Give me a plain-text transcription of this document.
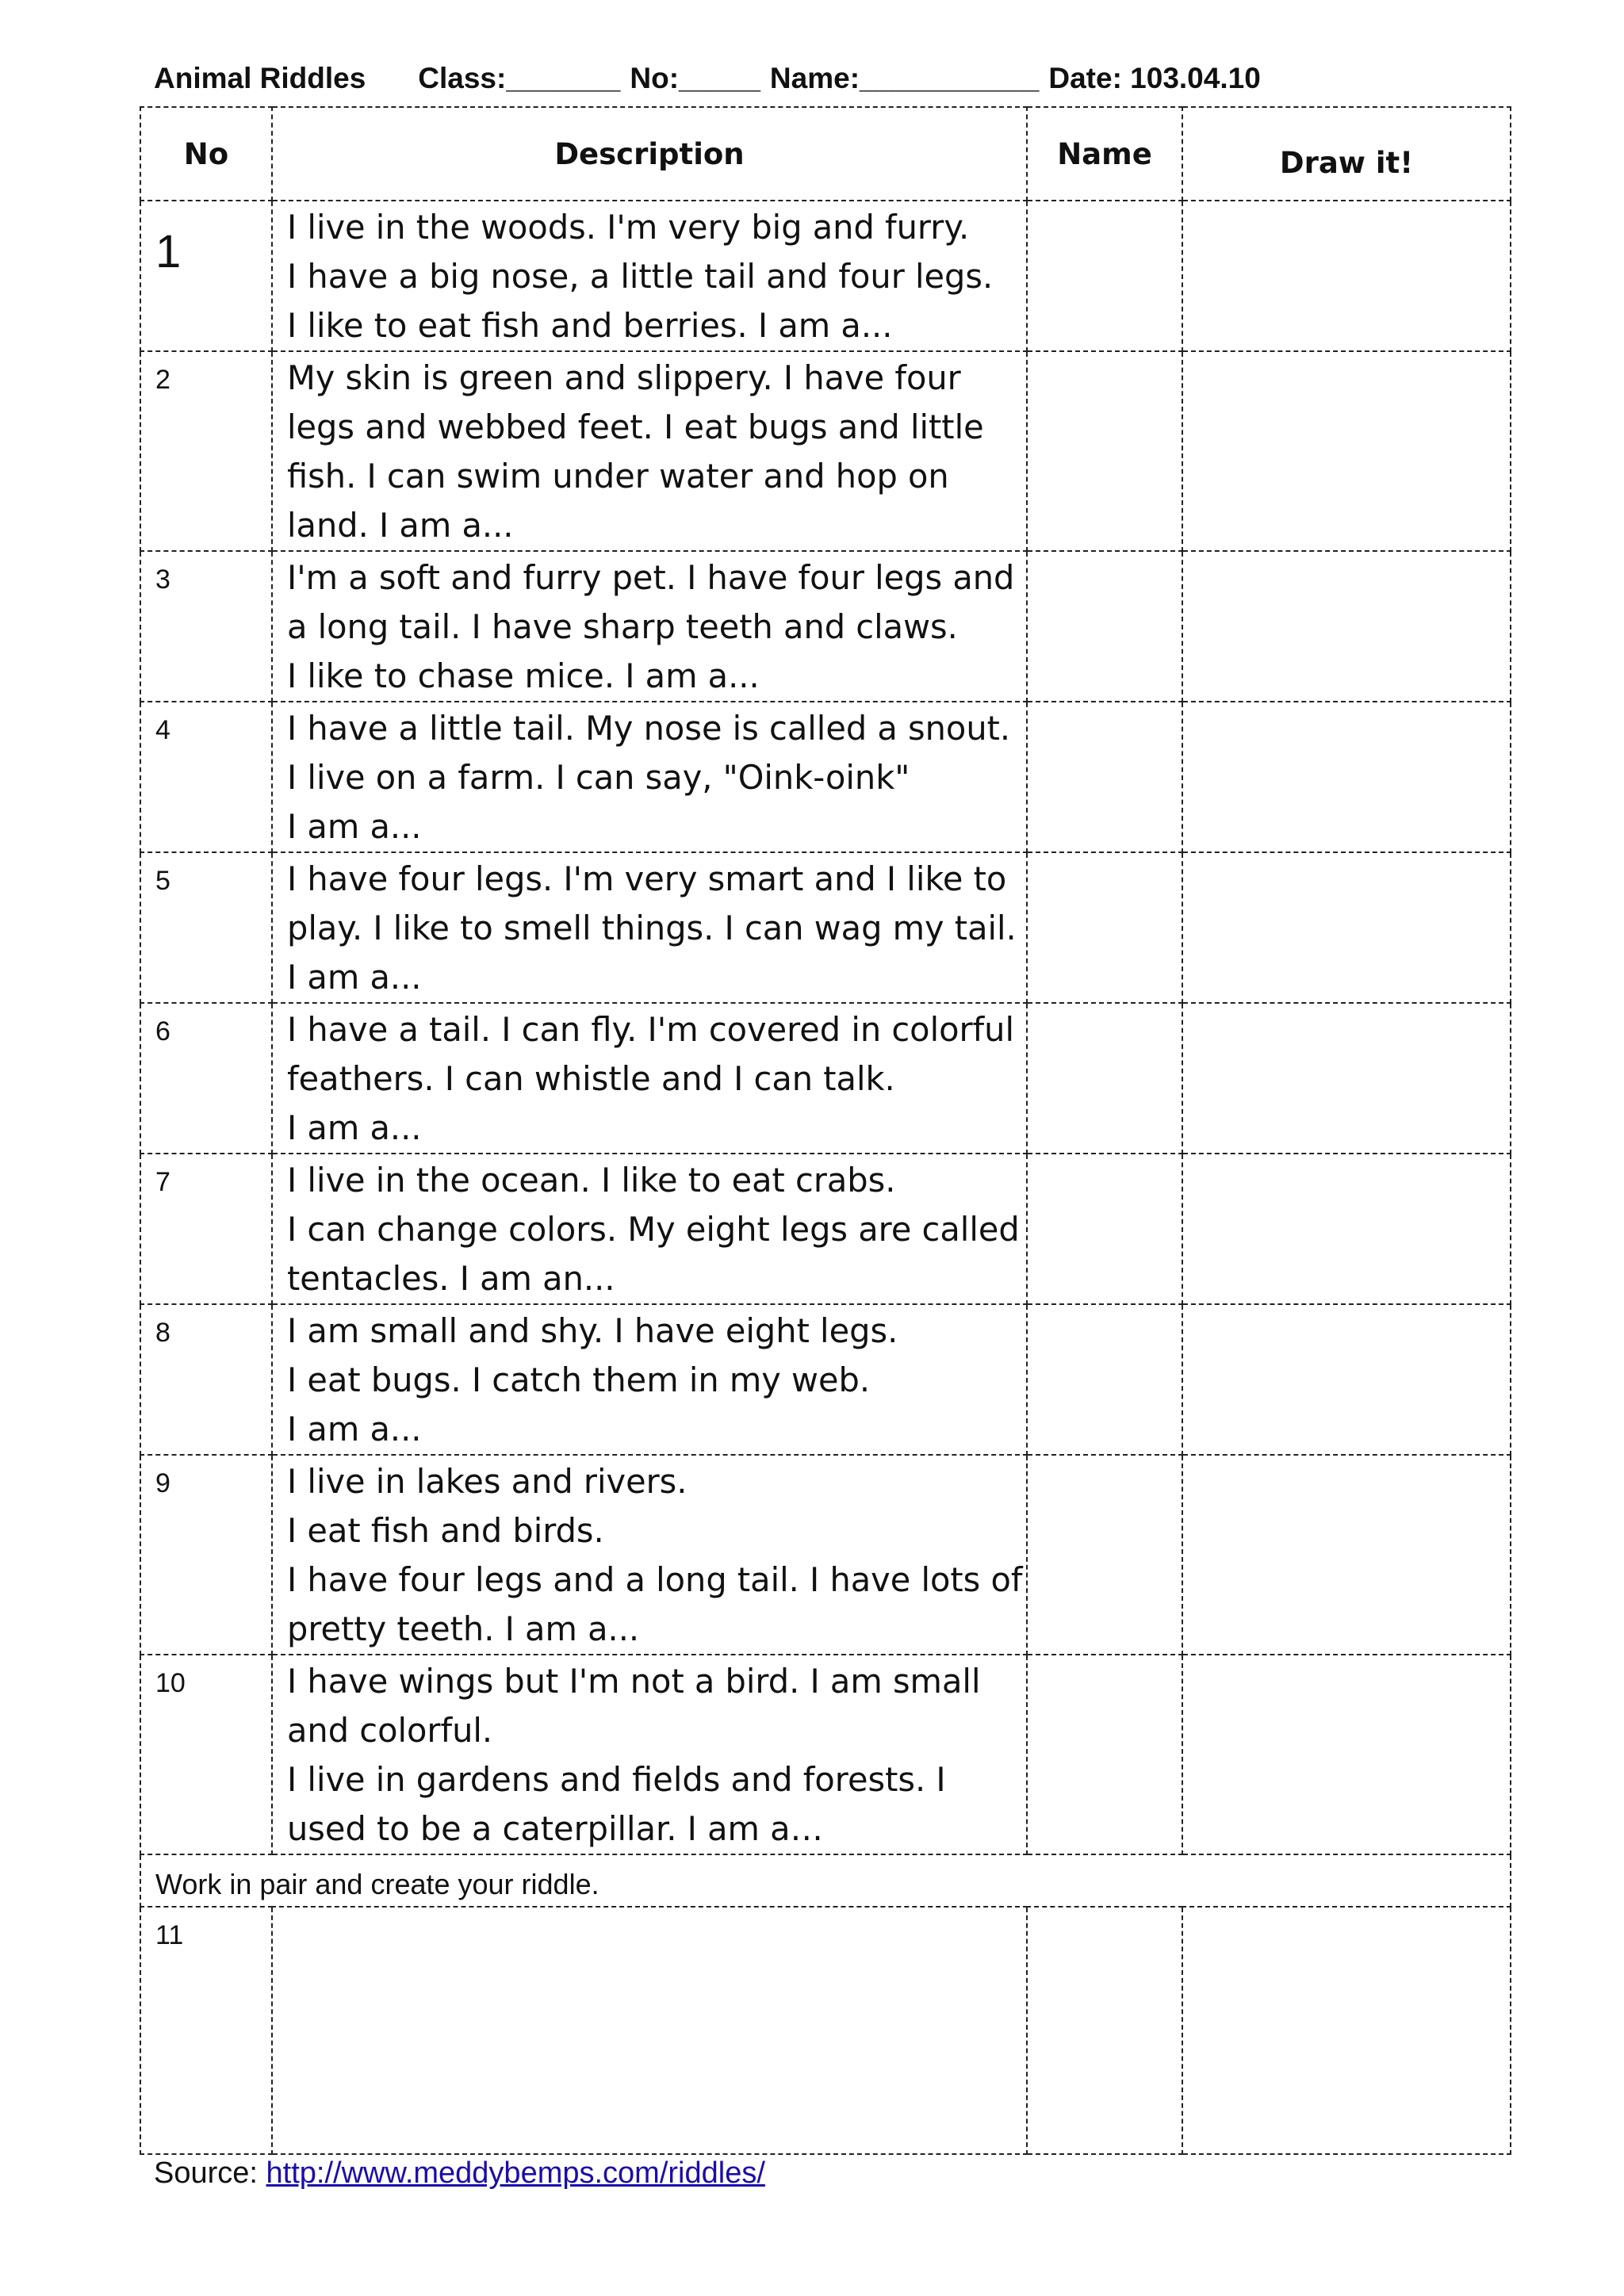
Animal Riddles Class:_______ No:_____ Name:___________ Date: 103.04.10
No	Description	Name	Draw it!
1	I live in the woods. I'm very big and furry.
I have a big nose, a little tail and four legs.
I like to eat fish and berries. I am a...		

2	My skin is green and slippery. I have four
legs and webbed feet. I eat bugs and little
fish. I can swim under water and hop on
land. I am a...		

3	I'm a soft and furry pet. I have four legs and
a long tail. I have sharp teeth and claws.
I like to chase mice. I am a...		

4	I have a little tail. My nose is called a snout.
I live on a farm. I can say, "Oink-oink"
I am a...		

5	I have four legs. I'm very smart and I like to
play. I like to smell things. I can wag my tail.
I am a...		

6	I have a tail. I can fly. I'm covered in colorful
feathers. I can whistle and I can talk.
I am a...		

7	I live in the ocean. I like to eat crabs.
I can change colors. My eight legs are called
tentacles. I am an...		

8	I am small and shy. I have eight legs.
I eat bugs. I catch them in my web.
I am a...		

9	I live in lakes and rivers.
I eat fish and birds.
I have four legs and a long tail. I have lots of
pretty teeth. I am a...		

10	I have wings but I'm not a bird. I am small
and colorful.
I live in gardens and fields and forests. I
used to be a caterpillar. I am a…		

Work in pair and create your riddle.			
11			
Source: http://www.meddybemps.com/riddles/
